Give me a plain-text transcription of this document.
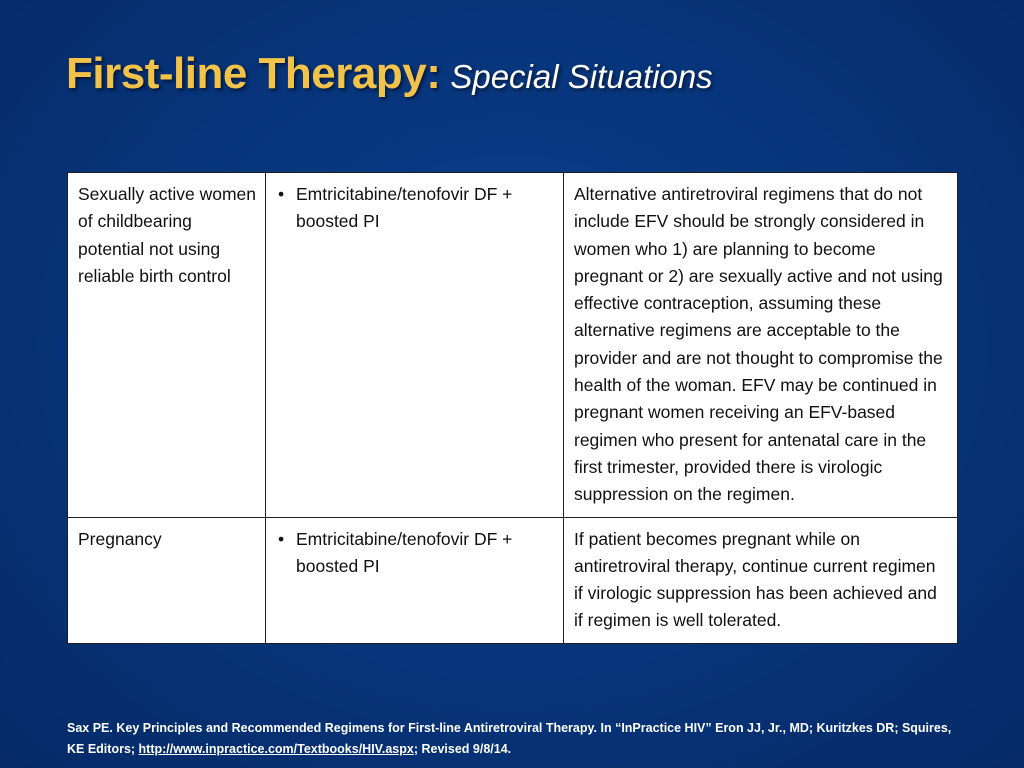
First-line Therapy: Special Situations
Sexually active women of childbearing potential not using reliable birth control	• Emtricitabine/tenofovir DF + boosted PI	Alternative antiretroviral regimens that do not include EFV should be strongly considered in women who 1) are planning to become pregnant or 2) are sexually active and not using effective contraception, assuming these alternative regimens are acceptable to the provider and are not thought to compromise the health of the woman. EFV may be continued in pregnant women receiving an EFV-based regimen who present for antenatal care in the first trimester, provided there is virologic suppression on the regimen.
Pregnancy	• Emtricitabine/tenofovir DF + boosted PI	If patient becomes pregnant while on antiretroviral therapy, continue current regimen if virologic suppression has been achieved and if regimen is well tolerated.

Sax PE. Key Principles and Recommended Regimens for First-line Antiretroviral Therapy. In “InPractice HIV” Eron JJ, Jr., MD; Kuritzkes DR; Squires, KE Editors; http://www.inpractice.com/Textbooks/HIV.aspx; Revised 9/8/14.
